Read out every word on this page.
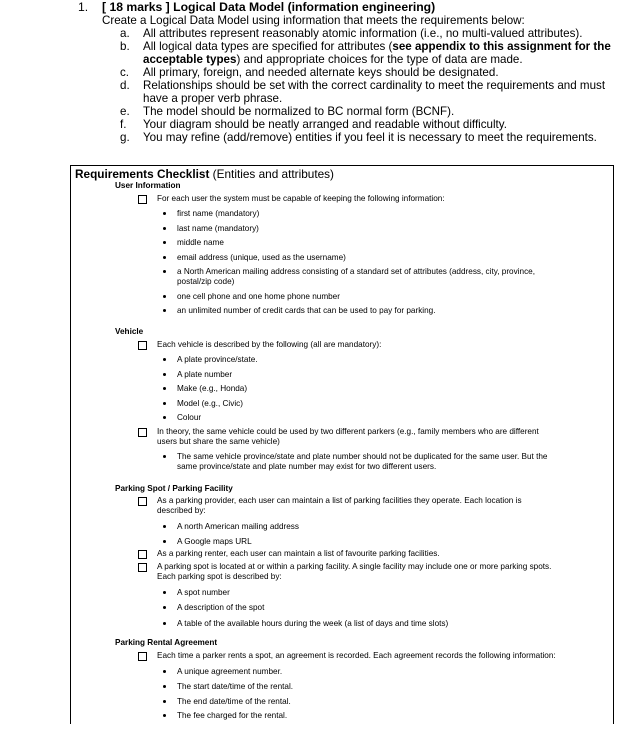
1.	[ 18 marks ] Logical Data Model (information engineering)
Create a Logical Data Model using information that meets the requirements below:
a.	All attributes represent reasonably atomic information (i.e., no multi-valued attributes).
b.	All logical data types are specified for attributes (see appendix to this assignment for the acceptable types) and appropriate choices for the type of data are made.
c.	All primary, foreign, and needed alternate keys should be designated.
d.	Relationships should be set with the correct cardinality to meet the requirements and must have a proper verb phrase.
e.	The model should be normalized to BC normal form (BCNF).
f.	Your diagram should be neatly arranged and readable without difficulty.
g.	You may refine (add/remove) entities if you feel it is necessary to meet the requirements.
Requirements Checklist (Entities and attributes)
User Information
For each user the system must be capable of keeping the following information:
first name (mandatory)
last name (mandatory)
middle name
email address (unique, used as the username)
a North American mailing address consisting of a standard set of attributes (address, city, province,
postal/zip code)
one cell phone and one home phone number
an unlimited number of credit cards that can be used to pay for parking.
Vehicle
Each vehicle is described by the following (all are mandatory):
A plate province/state.
A plate number
Make (e.g., Honda)
Model (e.g., Civic)
Colour
In theory, the same vehicle could be used by two different parkers (e.g., family members who are different
users but share the same vehicle)
The same vehicle province/state and plate number should not be duplicated for the same user. But the
same province/state and plate number may exist for two different users.
Parking Spot / Parking Facility
As a parking provider, each user can maintain a list of parking facilities they operate. Each location is
described by:
A north American mailing address
A Google maps URL
As a parking renter, each user can maintain a list of favourite parking facilities.
A parking spot is located at or within a parking facility. A single facility may include one or more parking spots.
Each parking spot is described by:
A spot number
A description of the spot
A table of the available hours during the week (a list of days and time slots)
Parking Rental Agreement
Each time a parker rents a spot, an agreement is recorded. Each agreement records the following information:
A unique agreement number.
The start date/time of the rental.
The end date/time of the rental.
The fee charged for the rental.
